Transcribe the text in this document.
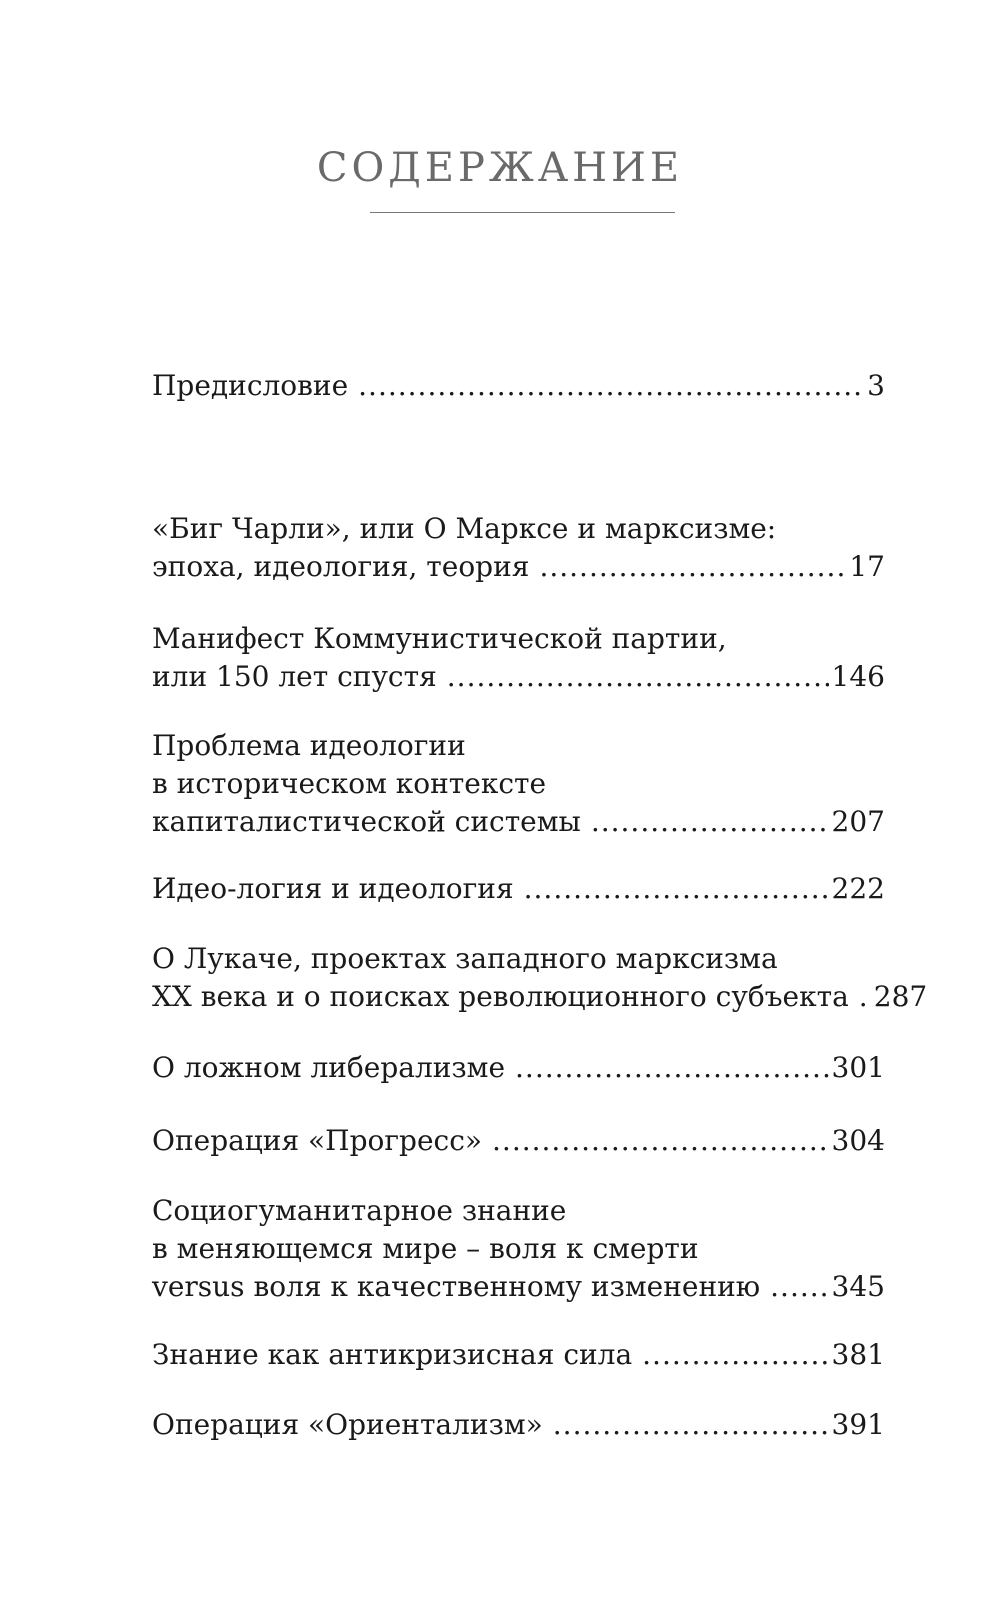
СОДЕРЖАНИЕ
Предисловие .....	3
«Биг Чарли», или О Марксе и марксизме:
эпоха, идеология, теория .....	17
Манифест Коммунистической партии,
или 150 лет спустя .....	146
Проблема идеологии
в историческом контексте
капиталистической системы .....	207
Идео-логия и идеология .....	222
О Лукаче, проектах западного марксизма
XX века и о поисках революционного субъекта ..... 287
О ложном либерализме .....	301
Операция «Прогресс» .....	304
Социогуманитарное знание
в меняющемся мире – воля к смерти
versus воля к качественному изменению .....	345
Знание как антикризисная сила .....	381
Операция «Ориентализм» .....	391
